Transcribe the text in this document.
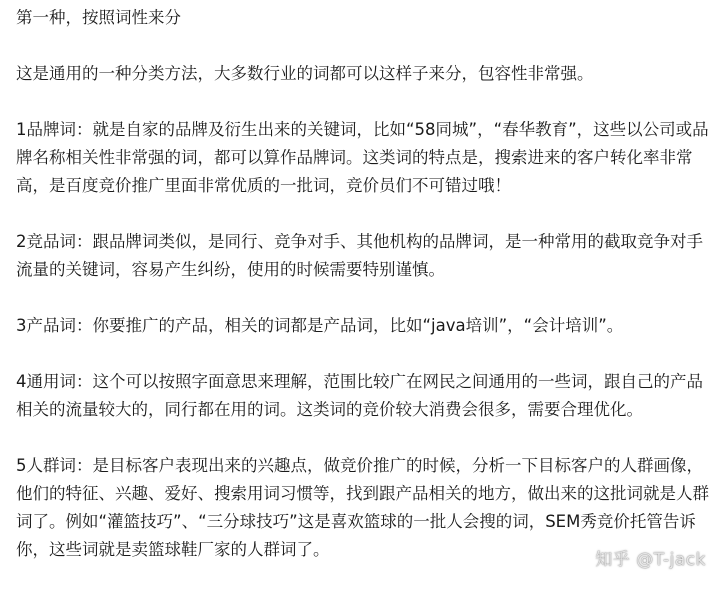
第一种，按照词性来分

这是通用的一种分类方法，大多数行业的词都可以这样子来分，包容性非常强。

1品牌词：就是自家的品牌及衍生出来的关键词，比如“58同城”，“春华教育”，这些以公司或品牌名称相关性非常强的词，都可以算作品牌词。这类词的特点是，搜索进来的客户转化率非常高，是百度竞价推广里面非常优质的一批词，竞价员们不可错过哦！

2竞品词：跟品牌词类似，是同行、竞争对手、其他机构的品牌词，是一种常用的截取竞争对手流量的关键词，容易产生纠纷，使用的时候需要特别谨慎。

3产品词：你要推广的产品，相关的词都是产品词，比如“java培训”，“会计培训”。

4通用词：这个可以按照字面意思来理解，范围比较广在网民之间通用的一些词，跟自己的产品相关的流量较大的，同行都在用的词。这类词的竞价较大消费会很多，需要合理优化。

5人群词：是目标客户表现出来的兴趣点，做竞价推广的时候，分析一下目标客户的人群画像，他们的特征、兴趣、爱好、搜索用词习惯等，找到跟产品相关的地方，做出来的这批词就是人群词了。例如“灌篮技巧”、“三分球技巧”这是喜欢篮球的一批人会搜的词，SEM秀竞价托管告诉你，这些词就是卖篮球鞋厂家的人群词了。

知乎 @T-jack
